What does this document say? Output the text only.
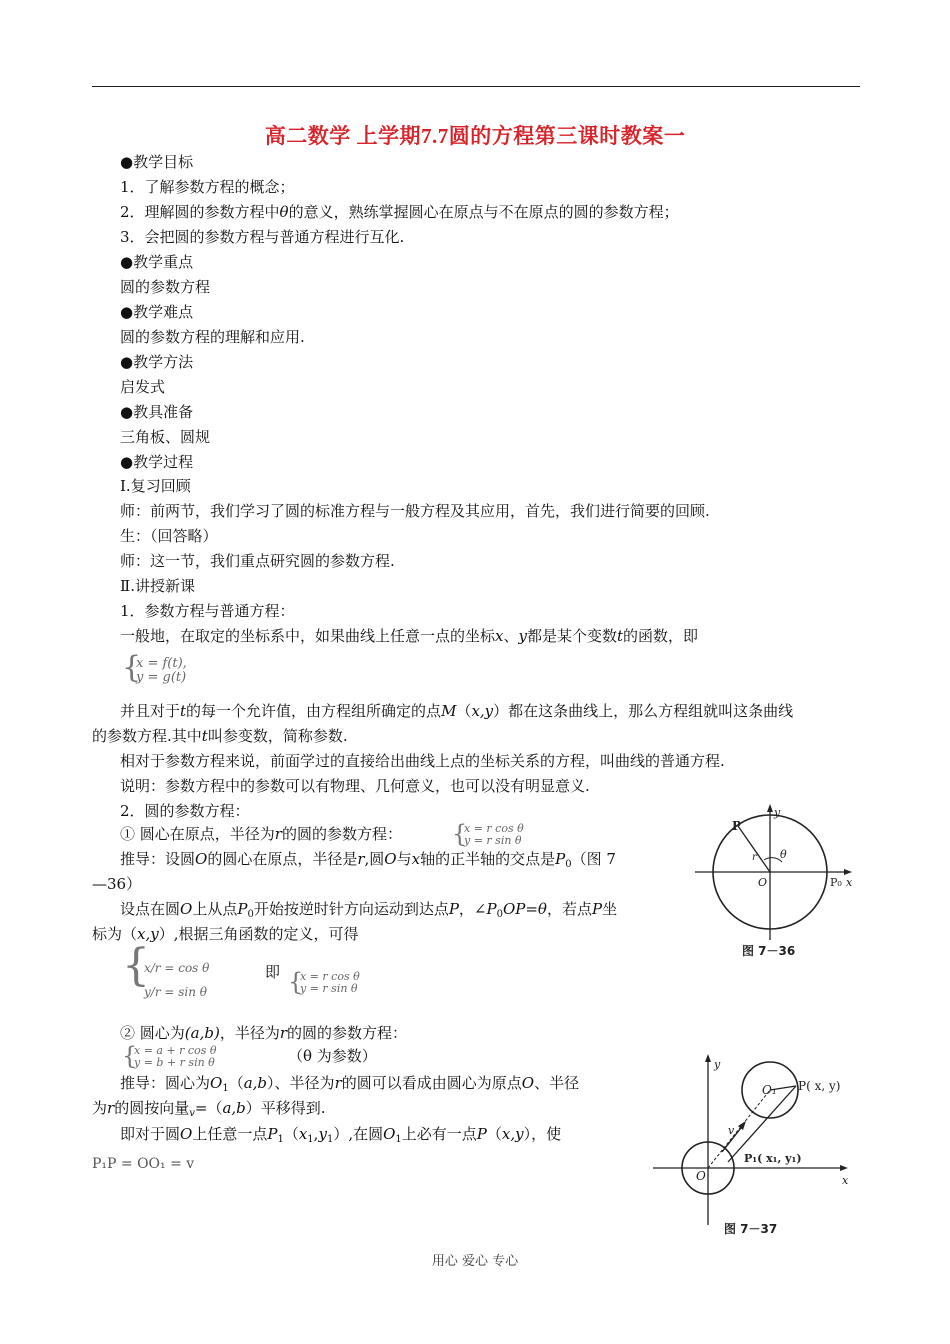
高二数学 上学期7.7圆的方程第三课时教案一
●教学目标
1．了解参数方程的概念；
2．理解圆的参数方程中θ的意义，熟练掌握圆心在原点与不在原点的圆的参数方程；
3．会把圆的参数方程与普通方程进行互化.
●教学重点
圆的参数方程
●教学难点
圆的参数方程的理解和应用.
●教学方法
启发式
●教具准备
三角板、圆规
●教学过程
Ⅰ.复习回顾
师：前两节，我们学习了圆的标准方程与一般方程及其应用，首先，我们进行简要的回顾.
生：（回答略）
师：这一节，我们重点研究圆的参数方程.
Ⅱ.讲授新课
1．参数方程与普通方程：
一般地，在取定的坐标系中，如果曲线上任意一点的坐标x、y都是某个变数t的函数，即
{
x = f(t),
y = g(t)
并且对于t的每一个允许值，由方程组所确定的点M（x,y）都在这条曲线上，那么方程组就叫这条曲线
的参数方程.其中t叫参变数，简称参数.
相对于参数方程来说，前面学过的直接给出曲线上点的坐标关系的方程，叫曲线的普通方程.
说明：参数方程中的参数可以有物理、几何意义，也可以没有明显意义.
2．圆的参数方程：
① 圆心在原点，半径为r的圆的参数方程： {
x = r cos θ
y = r sin θ
推导：设圆O的圆心在原点，半径是r,圆O与x轴的正半轴的交点是$P_0$（图 7
—36）
设点在圆O上从点$P_0$开始按逆时针方向运动到达点P，$\angle P_0OP=\theta$，若点P坐
标为（x,y）,根据三角函数的定义，可得
{
x/r = cos θ
y/r = sin θ
即 {
x = r cos θ
y = r sin θ
② 圆心为(a,b)，半径为r的圆的参数方程：
{
x = a + r cos θ
y = b + r sin θ	（θ 为参数）
推导：圆心为$O_1(a,b)$、半径为r的圆可以看成由圆心为原点O、半径
为r的圆按向量$_v$=（a,b）平移得到.
即对于圆O上任意一点$P_1(x_1,y_1)$,在圆$O_1$上必有一点P（x,y），使
P₁P = OO₁ = v
y
P
r θ
O	P₀ x
图 7－36
y
O₁ P( x, y)
v
O
P₁( x₁, y₁)
x
图 7－37
用心 爱心 专心
